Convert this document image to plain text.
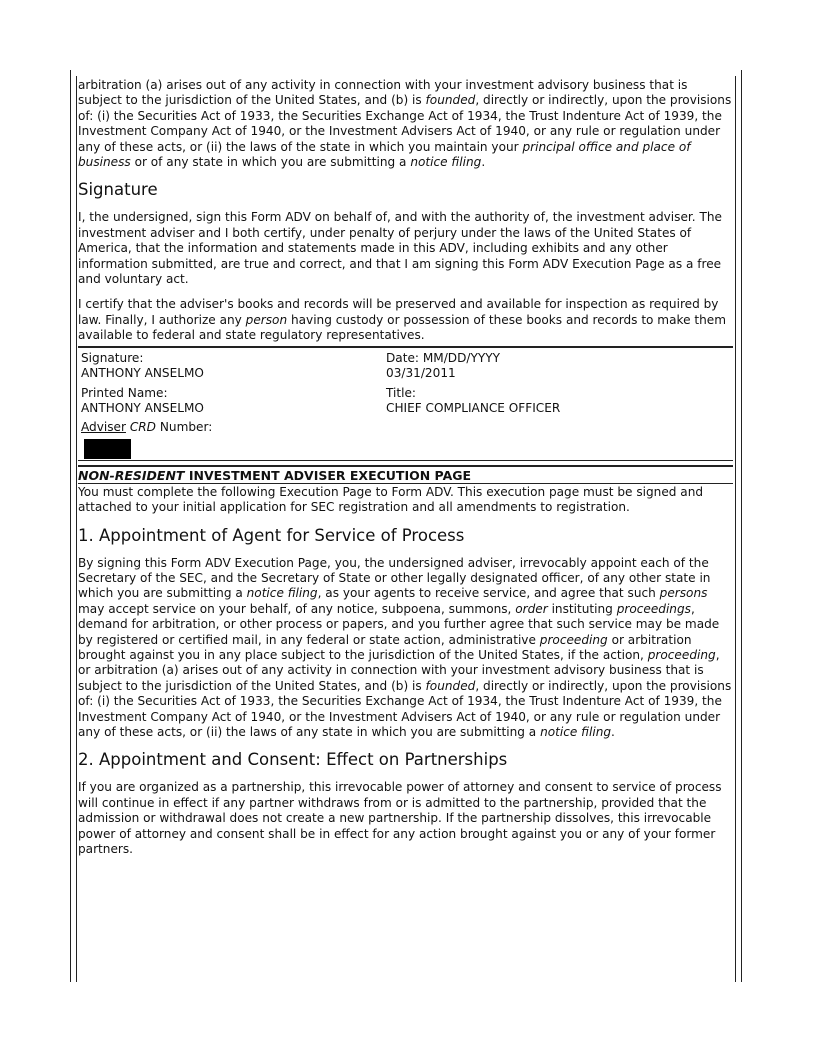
arbitration (a) arises out of any activity in connection with your investment advisory business that is subject to the jurisdiction of the United States, and (b) is founded, directly or indirectly, upon the provisions of: (i) the Securities Act of 1933, the Securities Exchange Act of 1934, the Trust Indenture Act of 1939, the Investment Company Act of 1940, or the Investment Advisers Act of 1940, or any rule or regulation under any of these acts, or (ii) the laws of the state in which you maintain your principal office and place of business or of any state in which you are submitting a notice filing.

Signature

I, the undersigned, sign this Form ADV on behalf of, and with the authority of, the investment adviser. The investment adviser and I both certify, under penalty of perjury under the laws of the United States of America, that the information and statements made in this ADV, including exhibits and any other information submitted, are true and correct, and that I am signing this Form ADV Execution Page as a free and voluntary act.

I certify that the adviser's books and records will be preserved and available for inspection as required by law. Finally, I authorize any person having custody or possession of these books and records to make them available to federal and state regulatory representatives.

Signature:
ANTHONY ANSELMO
Date: MM/DD/YYYY
03/31/2011
Printed Name:
ANTHONY ANSELMO
Title:
CHIEF COMPLIANCE OFFICER
Adviser CRD Number:
NON-RESIDENT INVESTMENT ADVISER EXECUTION PAGE

You must complete the following Execution Page to Form ADV. This execution page must be signed and attached to your initial application for SEC registration and all amendments to registration.

1. Appointment of Agent for Service of Process

By signing this Form ADV Execution Page, you, the undersigned adviser, irrevocably appoint each of the Secretary of the SEC, and the Secretary of State or other legally designated officer, of any other state in which you are submitting a notice filing, as your agents to receive service, and agree that such persons may accept service on your behalf, of any notice, subpoena, summons, order instituting proceedings, demand for arbitration, or other process or papers, and you further agree that such service may be made by registered or certified mail, in any federal or state action, administrative proceeding or arbitration brought against you in any place subject to the jurisdiction of the United States, if the action, proceeding, or arbitration (a) arises out of any activity in connection with your investment advisory business that is subject to the jurisdiction of the United States, and (b) is founded, directly or indirectly, upon the provisions of: (i) the Securities Act of 1933, the Securities Exchange Act of 1934, the Trust Indenture Act of 1939, the Investment Company Act of 1940, or the Investment Advisers Act of 1940, or any rule or regulation under any of these acts, or (ii) the laws of any state in which you are submitting a notice filing.

2. Appointment and Consent: Effect on Partnerships

If you are organized as a partnership, this irrevocable power of attorney and consent to service of process will continue in effect if any partner withdraws from or is admitted to the partnership, provided that the admission or withdrawal does not create a new partnership. If the partnership dissolves, this irrevocable power of attorney and consent shall be in effect for any action brought against you or any of your former partners.
